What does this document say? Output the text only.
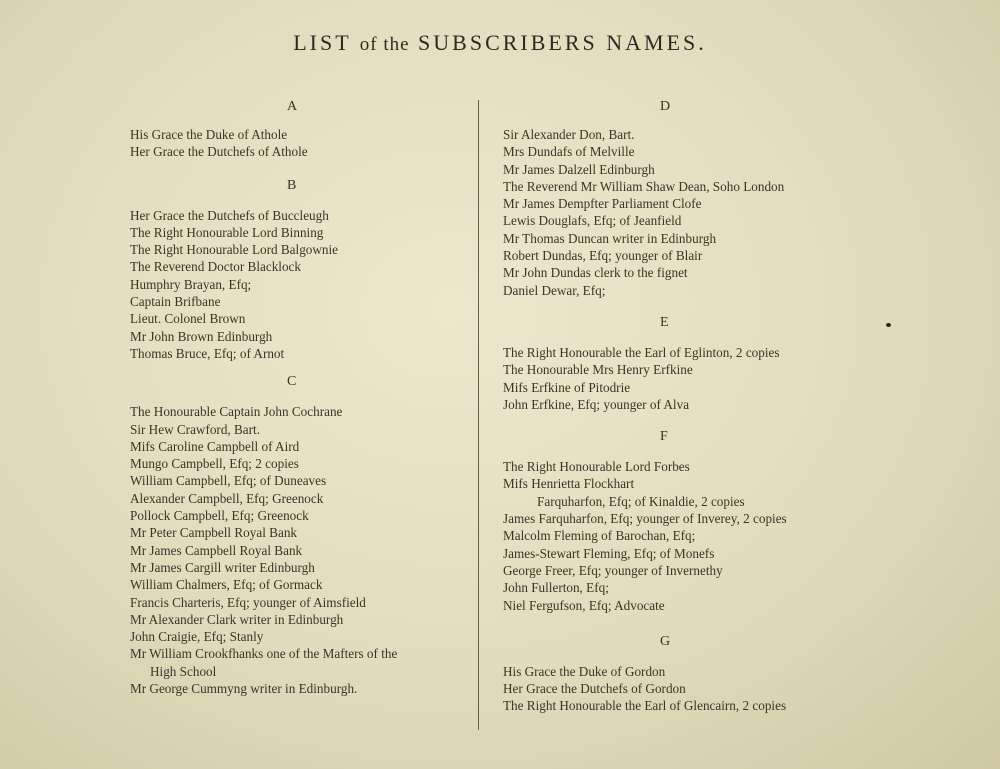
LIST of the SUBSCRIBERS NAMES.
A
His Grace the Duke of Athole
Her Grace the Dutchefs of Athole
B
Her Grace the Dutchefs of Buccleugh
The Right Honourable Lord Binning
The Right Honourable Lord Balgownie
The Reverend Doctor Blacklock
Humphry Brayan, Efq;
Captain Brifbane
Lieut. Colonel Brown
Mr John Brown Edinburgh
Thomas Bruce, Efq; of Arnot
C
The Honourable Captain John Cochrane
Sir Hew Crawford, Bart.
Mifs Caroline Campbell of Aird
Mungo Campbell, Efq; 2 copies
William Campbell, Efq; of Duneaves
Alexander Campbell, Efq; Greenock
Pollock Campbell, Efq; Greenock
Mr Peter Campbell Royal Bank
Mr James Campbell Royal Bank
Mr James Cargill writer Edinburgh
William Chalmers, Efq; of Gormack
Francis Charteris, Efq; younger of Aimsfield
Mr Alexander Clark writer in Edinburgh
John Craigie, Efq; Stanly
Mr William Crookfhanks one of the Mafters of the
High School
Mr George Cummyng writer in Edinburgh.
D
Sir Alexander Don, Bart.
Mrs Dundafs of Melville
Mr James Dalzell Edinburgh
The Reverend Mr William Shaw Dean, Soho London
Mr James Dempfter Parliament Clofe
Lewis Douglafs, Efq; of Jeanfield
Mr Thomas Duncan writer in Edinburgh
Robert Dundas, Efq; younger of Blair
Mr John Dundas clerk to the fignet
Daniel Dewar, Efq;
E
The Right Honourable the Earl of Eglinton, 2 copies
The Honourable Mrs Henry Erfkine
Mifs Erfkine of Pitodrie
John Erfkine, Efq; younger of Alva
F
The Right Honourable Lord Forbes
Mifs Henrietta Flockhart
Farquharfon, Efq; of Kinaldie, 2 copies
James Farquharfon, Efq; younger of Inverey, 2 copies
Malcolm Fleming of Barochan, Efq;
James-Stewart Fleming, Efq; of Monefs
George Freer, Efq; younger of Invernethy
John Fullerton, Efq;
Niel Fergufson, Efq; Advocate
G
His Grace the Duke of Gordon
Her Grace the Dutchefs of Gordon
The Right Honourable the Earl of Glencairn, 2 copies
